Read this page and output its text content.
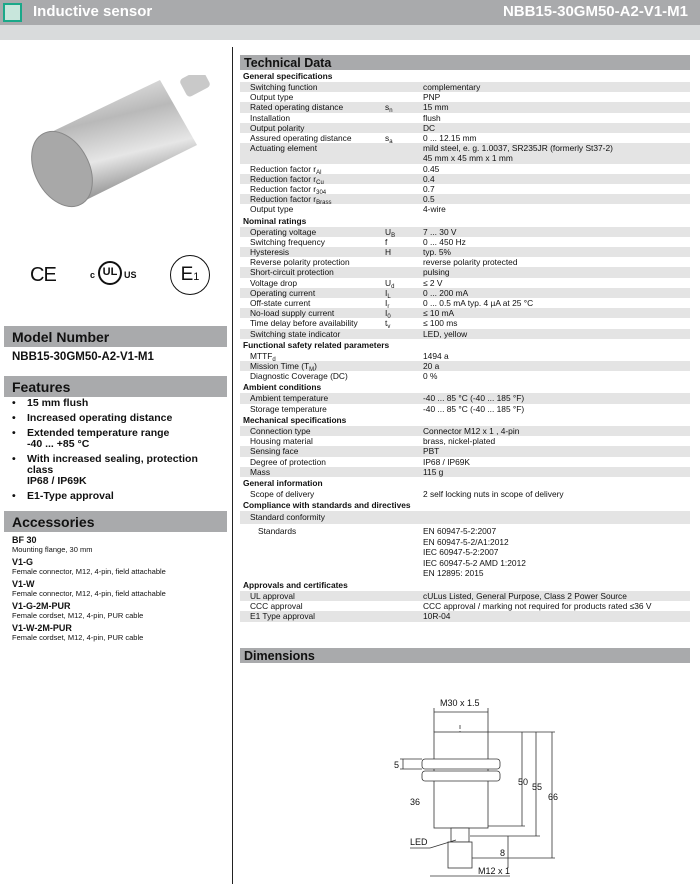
Inductive sensor	NBB15-30GM50-A2-V1-M1
CE	c UL US	E1
Model Number
NBB15-30GM50-A2-V1-M1
Features
• 15 mm flush
• Increased operating distance
• Extended temperature range
-40 ... +85 °C
• With increased sealing, protection class
IP68 / IP69K
• E1-Type approval
Accessories
BF 30
Mounting flange, 30 mm
V1-G
Female connector, M12, 4-pin, field attachable
V1-W
Female connector, M12, 4-pin, field attachable
V1-G-2M-PUR
Female cordset, M12, 4-pin, PUR cable
V1-W-2M-PUR
Female cordset, M12, 4-pin, PUR cable
Technical Data
General specifications
Switching function	complementary
Output type	PNP
Rated operating distance	$s_n$	15 mm
Installation	flush
Output polarity	DC
Assured operating distance	$s_a$	0 ... 12.15 mm
Actuating element	mild steel, e. g. 1.0037, SR235JR (formerly St37-2)
45 mm x 45 mm x 1 mm
Reduction factor $r_{Al}$	0.45
Reduction factor $r_{Cu}$	0.4
Reduction factor $r_{304}$	0.7
Reduction factor $r_{Brass}$	0.5
Output type	4-wire
Nominal ratings
Operating voltage	$U_B$	7 ... 30 V
Switching frequency	f	0 ... 450 Hz
Hysteresis	H	typ. 5%
Reverse polarity protection	reverse polarity protected
Short-circuit protection	pulsing
Voltage drop	$U_d$	≤ 2 V
Operating current	$I_L$	0 ... 200 mA
Off-state current	$I_r$	0 ... 0.5 mA typ. 4 µA at 25 °C
No-load supply current	$I_0$	≤ 10 mA
Time delay before availability	$t_v$	≤ 100 ms
Switching state indicator	LED, yellow
Functional safety related parameters
$MTTF_d$	1494 a
Mission Time $(T_M)$	20 a
Diagnostic Coverage (DC)	0 %
Ambient conditions
Ambient temperature	-40 ... 85 °C (-40 ... 185 °F)
Storage temperature	-40 ... 85 °C (-40 ... 185 °F)
Mechanical specifications
Connection type	Connector M12 x 1 , 4-pin
Housing material	brass, nickel-plated
Sensing face	PBT
Degree of protection	IP68 / IP69K
Mass	115 g
General information
Scope of delivery	2 self locking nuts in scope of delivery
Compliance with standards and directives
Standard conformity
Standards	EN 60947-5-2:2007
EN 60947-5-2/A1:2012
IEC 60947-5-2:2007
IEC 60947-5-2 AMD 1:2012
EN 12895: 2015
Approvals and certificates
UL approval	cULus Listed, General Purpose, Class 2 Power Source
CCC approval	CCC approval / marking not required for products rated ≤36 V
E1 Type approval	10R-04
Dimensions
M30 x 1.5
5
36
50 55
66
LED
8
M12 x 1
